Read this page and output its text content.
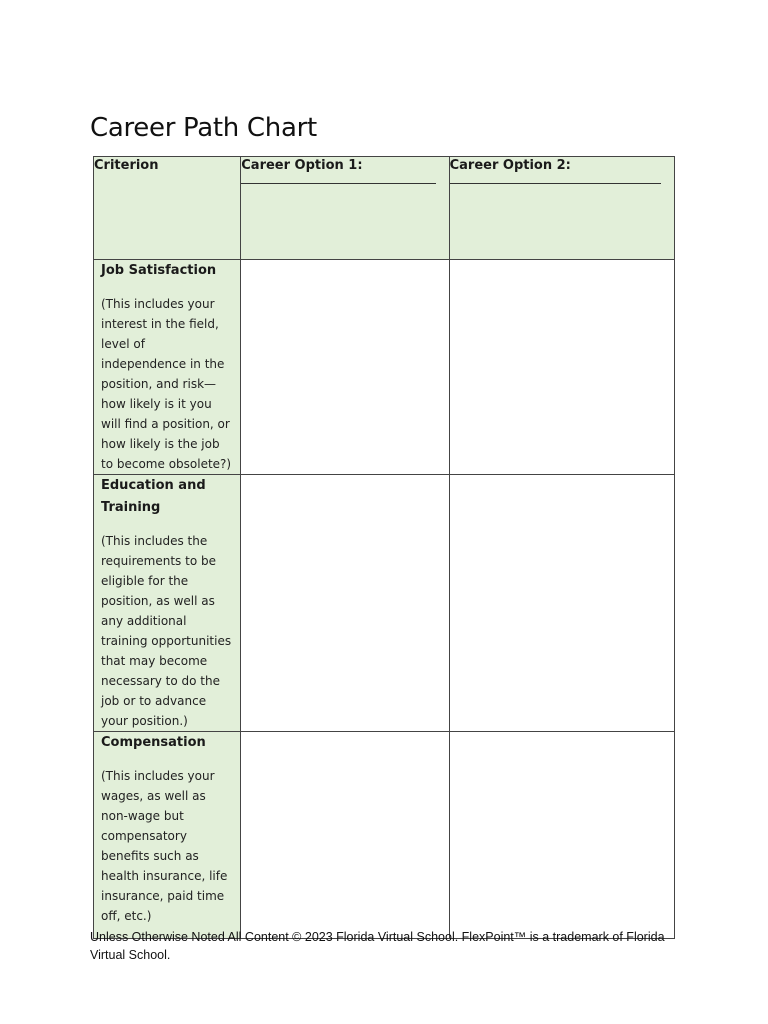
Career Path Chart
Criterion	Career Option 1:	Career Option 2:

Job Satisfaction
(This includes your interest in the field, level of independence in the position, and risk—how likely is it you will find a position, or how likely is the job to become obsolete?)		

Education and Training
(This includes the requirements to be eligible for the position, as well as any additional training opportunities that may become necessary to do the job or to advance your position.)		

Compensation
(This includes your wages, as well as non-wage but compensatory benefits such as health insurance, life insurance, paid time off, etc.)		

Unless Otherwise Noted All Content © 2023 Florida Virtual School. FlexPoint™ is a trademark of Florida Virtual School.
